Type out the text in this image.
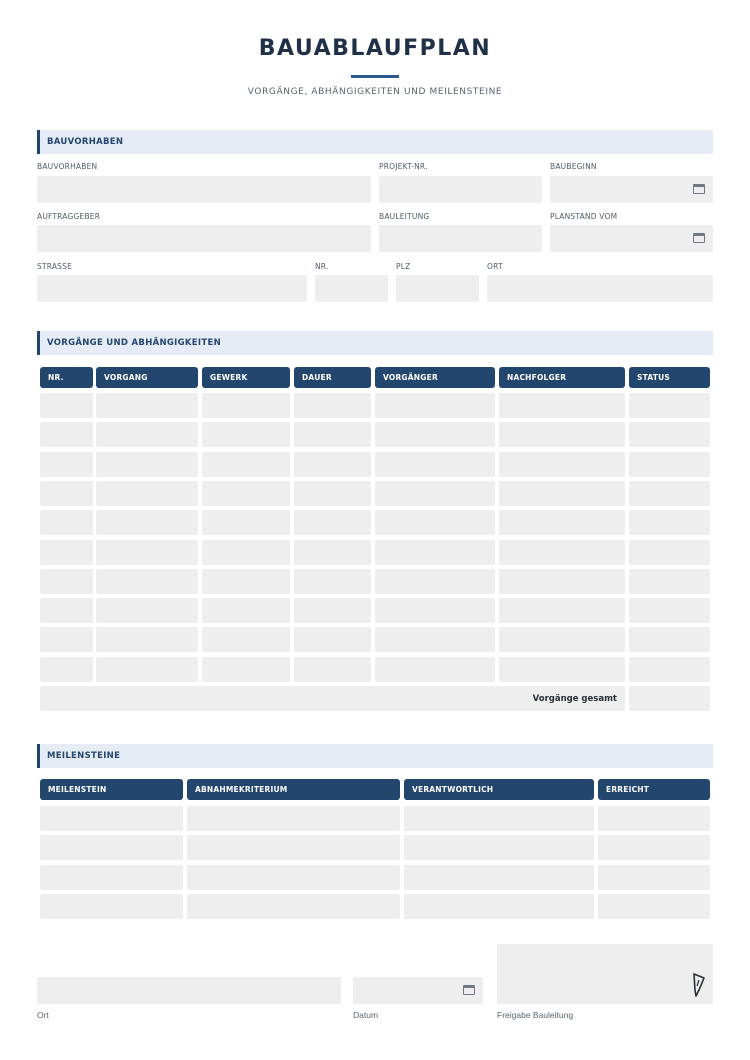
BAUABLAUFPLAN
VORGÄNGE, ABHÄNGIGKEITEN UND MEILENSTEINE
BAUVORHABEN
BAUVORHABEN	PROJEKT-NR.	BAUBEGINN
AUFTRAGGEBER	BAULEITUNG	PLANSTAND VOM
STRASSE	NR.	PLZ	ORT
VORGÄNGE UND ABHÄNGIGKEITEN
NR.	VORGANG	GEWERK	DAUER	VORGÄNGER	NACHFOLGER	STATUS
Vorgänge gesamt
MEILENSTEINE
MEILENSTEIN	ABNAHMEKRITERIUM	VERANTWORTLICH	ERREICHT
Ort	Datum	Freigabe Bauleitung
